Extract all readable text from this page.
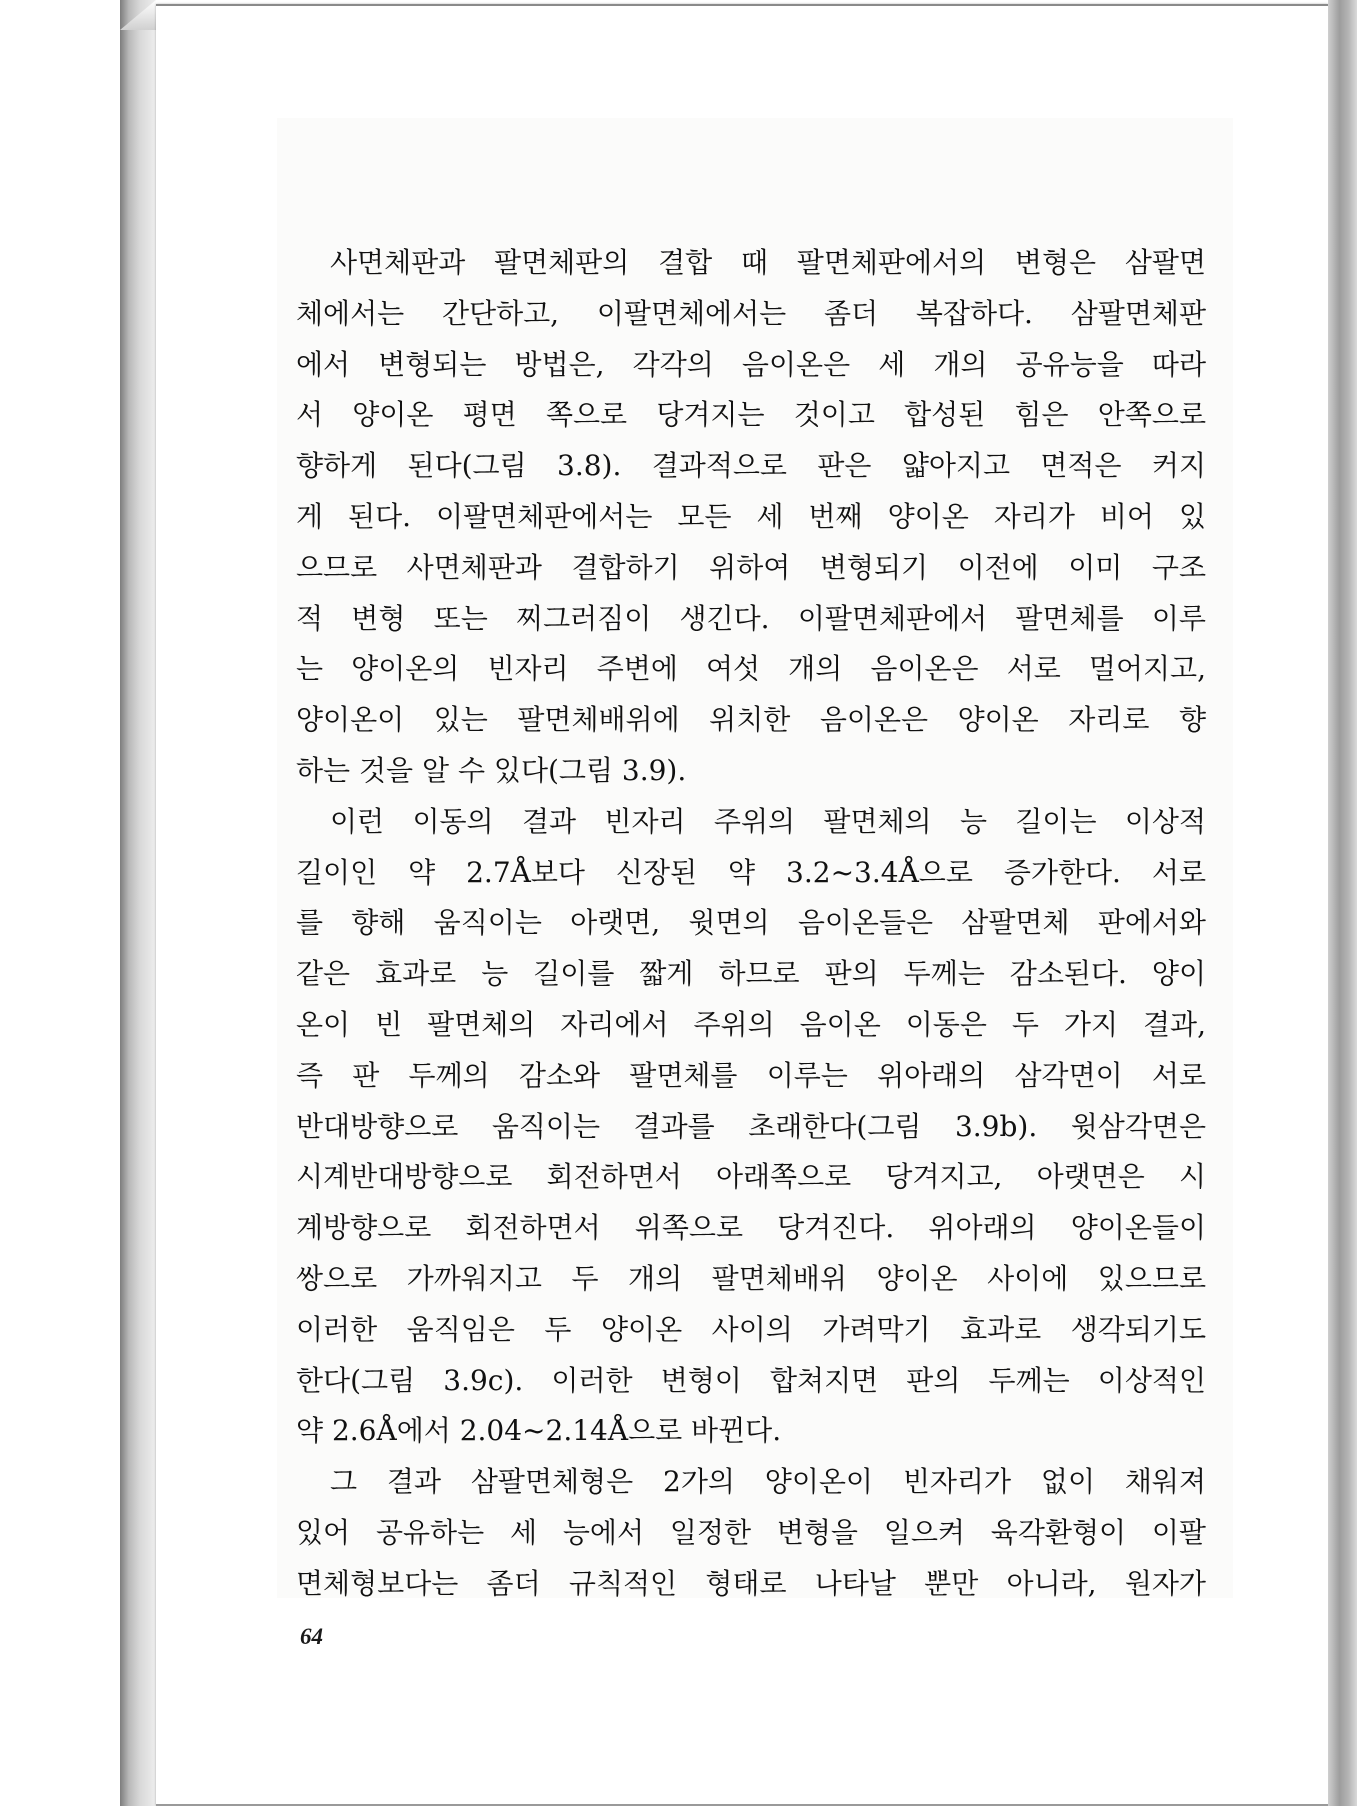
사면체판과 팔면체판의 결합 때 팔면체판에서의 변형은 삼팔면
체에서는 간단하고, 이팔면체에서는 좀더 복잡하다. 삼팔면체판
에서 변형되는 방법은, 각각의 음이온은 세 개의 공유능을 따라
서 양이온 평면 쪽으로 당겨지는 것이고 합성된 힘은 안쪽으로
향하게 된다(그림 3.8). 결과적으로 판은 얇아지고 면적은 커지
게 된다. 이팔면체판에서는 모든 세 번째 양이온 자리가 비어 있
으므로 사면체판과 결합하기 위하여 변형되기 이전에 이미 구조
적 변형 또는 찌그러짐이 생긴다. 이팔면체판에서 팔면체를 이루
는 양이온의 빈자리 주변에 여섯 개의 음이온은 서로 멀어지고,
양이온이 있는 팔면체배위에 위치한 음이온은 양이온 자리로 향
하는 것을 알 수 있다(그림 3.9).
이런 이동의 결과 빈자리 주위의 팔면체의 능 길이는 이상적
길이인 약 2.7Å보다 신장된 약 3.2~3.4Å으로 증가한다. 서로
를 향해 움직이는 아랫면, 윗면의 음이온들은 삼팔면체 판에서와
같은 효과로 능 길이를 짧게 하므로 판의 두께는 감소된다. 양이
온이 빈 팔면체의 자리에서 주위의 음이온 이동은 두 가지 결과,
즉 판 두께의 감소와 팔면체를 이루는 위아래의 삼각면이 서로
반대방향으로 움직이는 결과를 초래한다(그림 3.9b). 윗삼각면은
시계반대방향으로 회전하면서 아래쪽으로 당겨지고, 아랫면은 시
계방향으로 회전하면서 위쪽으로 당겨진다. 위아래의 양이온들이
쌍으로 가까워지고 두 개의 팔면체배위 양이온 사이에 있으므로
이러한 움직임은 두 양이온 사이의 가려막기 효과로 생각되기도
한다(그림 3.9c). 이러한 변형이 합쳐지면 판의 두께는 이상적인
약 2.6Å에서 2.04~2.14Å으로 바뀐다.
그 결과 삼팔면체형은 2가의 양이온이 빈자리가 없이 채워져
있어 공유하는 세 능에서 일정한 변형을 일으켜 육각환형이 이팔
면체형보다는 좀더 규칙적인 형태로 나타날 뿐만 아니라, 원자가
64
